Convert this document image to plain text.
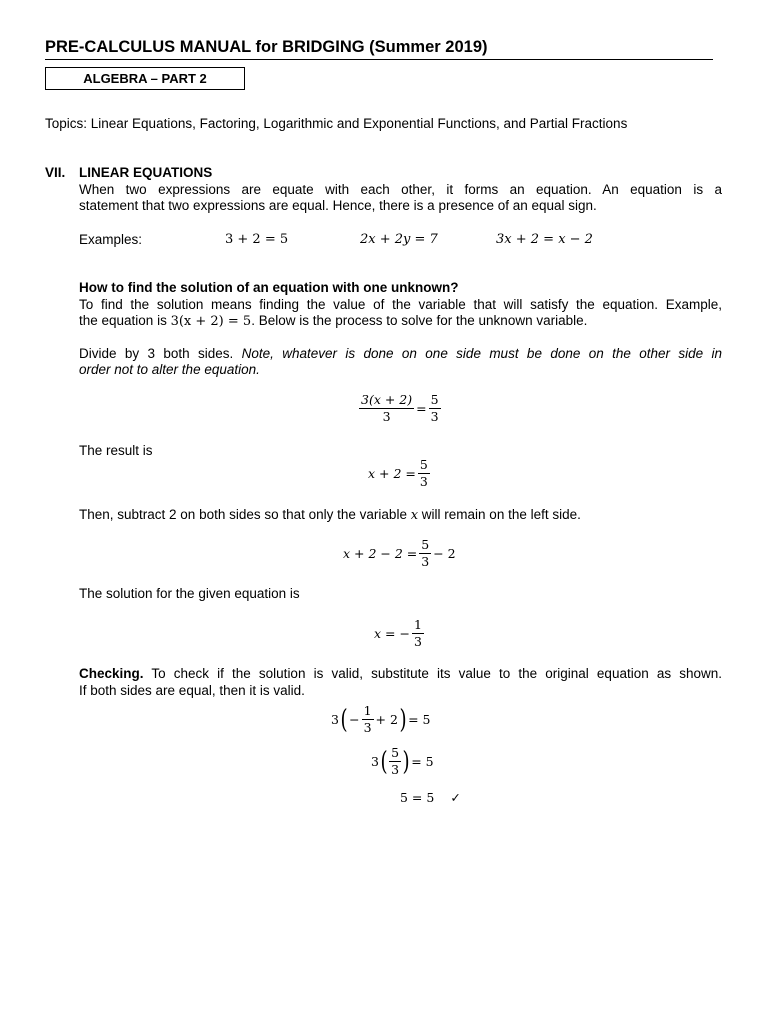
PRE-CALCULUS MANUAL for BRIDGING (Summer 2019)
ALGEBRA – PART 2
Topics: Linear Equations, Factoring, Logarithmic and Exponential Functions, and Partial Fractions
VII. LINEAR EQUATIONS
When two expressions are equate with each other, it forms an equation. An equation is a
statement that two expressions are equal. Hence, there is a presence of an equal sign.
Examples:	3 + 2 = 5	2x + 2y = 7	3x + 2 = x − 2
How to find the solution of an equation with one unknown?
To find the solution means finding the value of the variable that will satisfy the equation. Example,
the equation is 3(x + 2) = 5. Below is the process to solve for the unknown variable.
Divide by 3 both sides. Note, whatever is done on one side must be done on the other side in
order not to alter the equation.
$\frac{3(x + 2)}{3} = \frac{5}{3}$
The result is
$x + 2 = \frac{5}{3}$
Then, subtract 2 on both sides so that only the variable x will remain on the left side.
$x + 2 - 2 = \frac{5}{3} - 2$
The solution for the given equation is
x = − $\frac{1}{3}$
Checking. To check if the solution is valid, substitute its value to the original equation as shown.
If both sides are equal, then it is valid.
3 ( − $\frac{1}{3} + 2$ ) = 5
3 ( $\frac{5}{3}$ ) = 5
5 = 5 ✓
